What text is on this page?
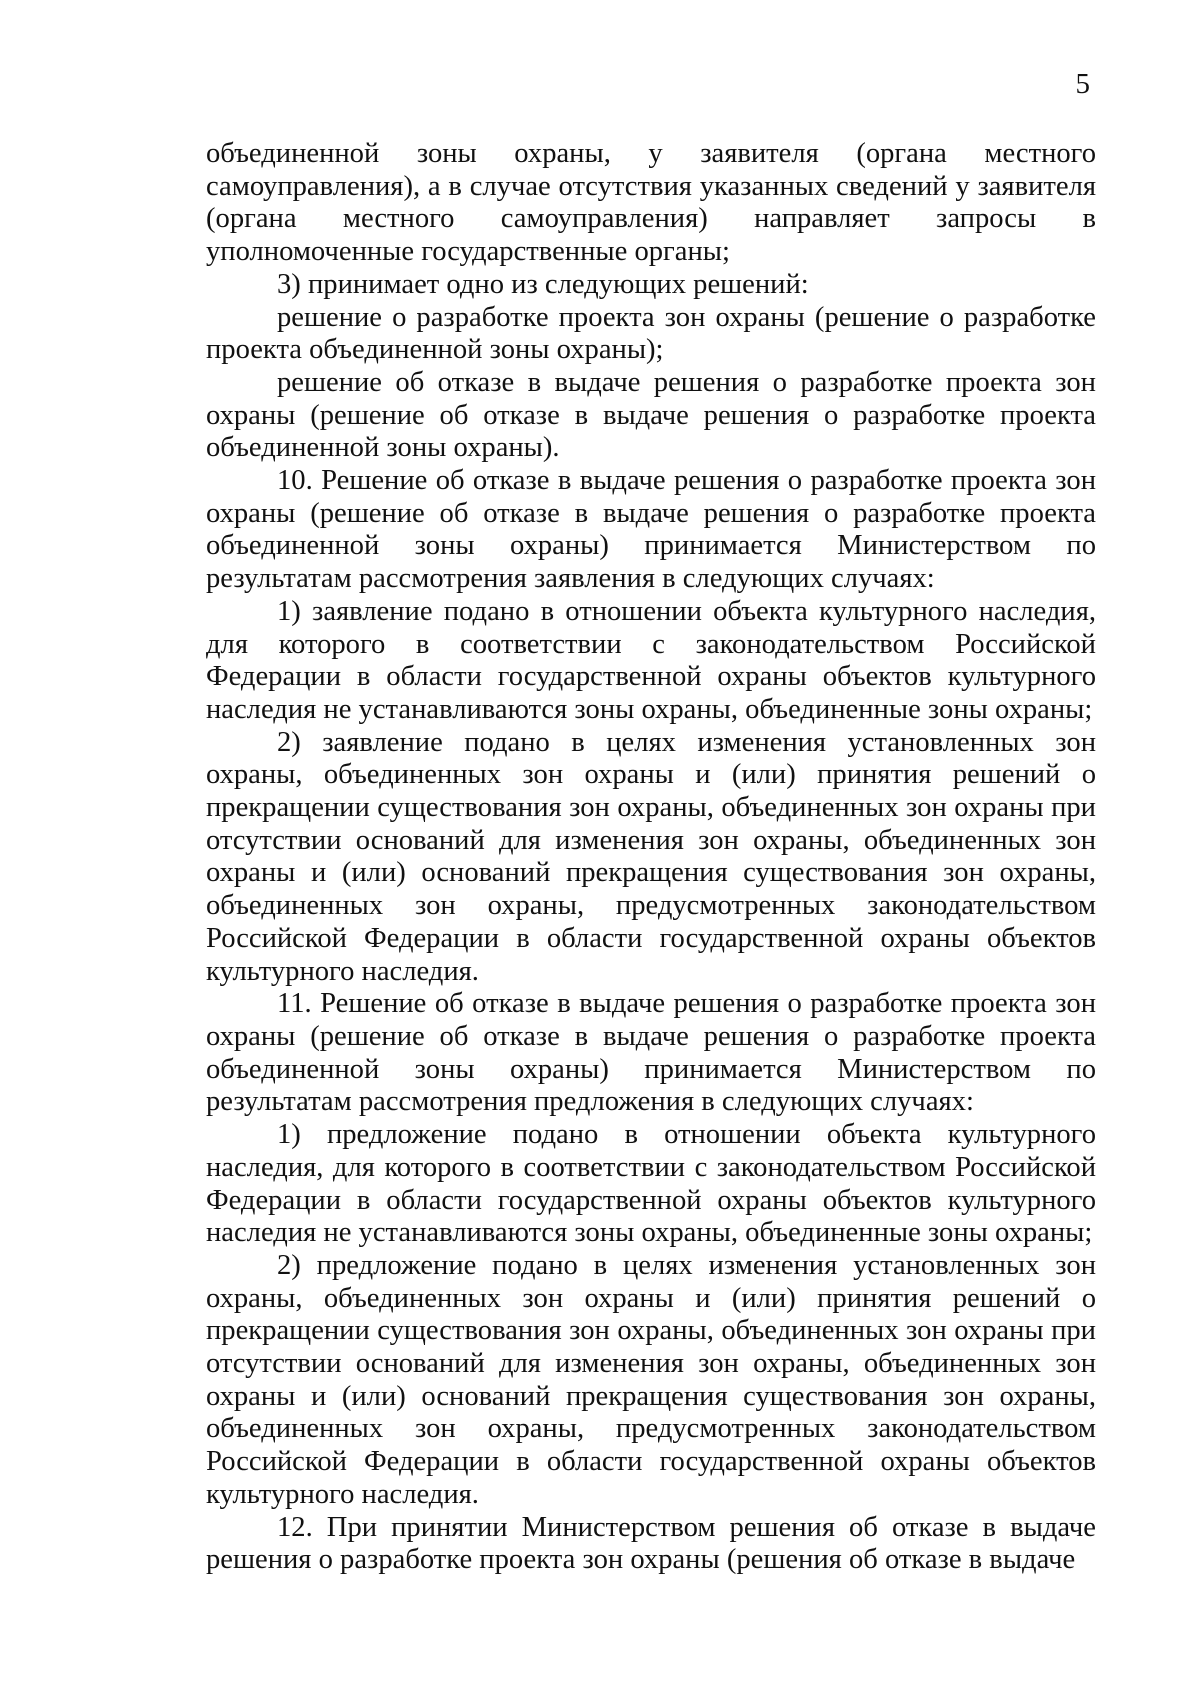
5

объединенной зоны охраны, у заявителя (органа местного самоуправления), а в случае отсутствия указанных сведений у заявителя (органа местного самоуправления) направляет запросы в уполномоченные государственные органы;

3) принимает одно из следующих решений:

решение о разработке проекта зон охраны (решение о разработке проекта объединенной зоны охраны);

решение об отказе в выдаче решения о разработке проекта зон охраны (решение об отказе в выдаче решения о разработке проекта объединенной зоны охраны).

10. Решение об отказе в выдаче решения о разработке проекта зон охраны (решение об отказе в выдаче решения о разработке проекта объединенной зоны охраны) принимается Министерством по результатам рассмотрения заявления в следующих случаях:

1) заявление подано в отношении объекта культурного наследия, для которого в соответствии с законодательством Российской Федерации в области государственной охраны объектов культурного наследия не устанавливаются зоны охраны, объединенные зоны охраны;

2) заявление подано в целях изменения установленных зон охраны, объединенных зон охраны и (или) принятия решений о прекращении существования зон охраны, объединенных зон охраны при отсутствии оснований для изменения зон охраны, объединенных зон охраны и (или) оснований прекращения существования зон охраны, объединенных зон охраны, предусмотренных законодательством Российской Федерации в области государственной охраны объектов культурного наследия.

11. Решение об отказе в выдаче решения о разработке проекта зон охраны (решение об отказе в выдаче решения о разработке проекта объединенной зоны охраны) принимается Министерством по результатам рассмотрения предложения в следующих случаях:

1) предложение подано в отношении объекта культурного наследия, для которого в соответствии с законодательством Российской Федерации в области государственной охраны объектов культурного наследия не устанавливаются зоны охраны, объединенные зоны охраны;

2) предложение подано в целях изменения установленных зон охраны, объединенных зон охраны и (или) принятия решений о прекращении существования зон охраны, объединенных зон охраны при отсутствии оснований для изменения зон охраны, объединенных зон охраны и (или) оснований прекращения существования зон охраны, объединенных зон охраны, предусмотренных законодательством Российской Федерации в области государственной охраны объектов культурного наследия.

12. При принятии Министерством решения об отказе в выдаче решения о разработке проекта зон охраны (решения об отказе в выдаче
